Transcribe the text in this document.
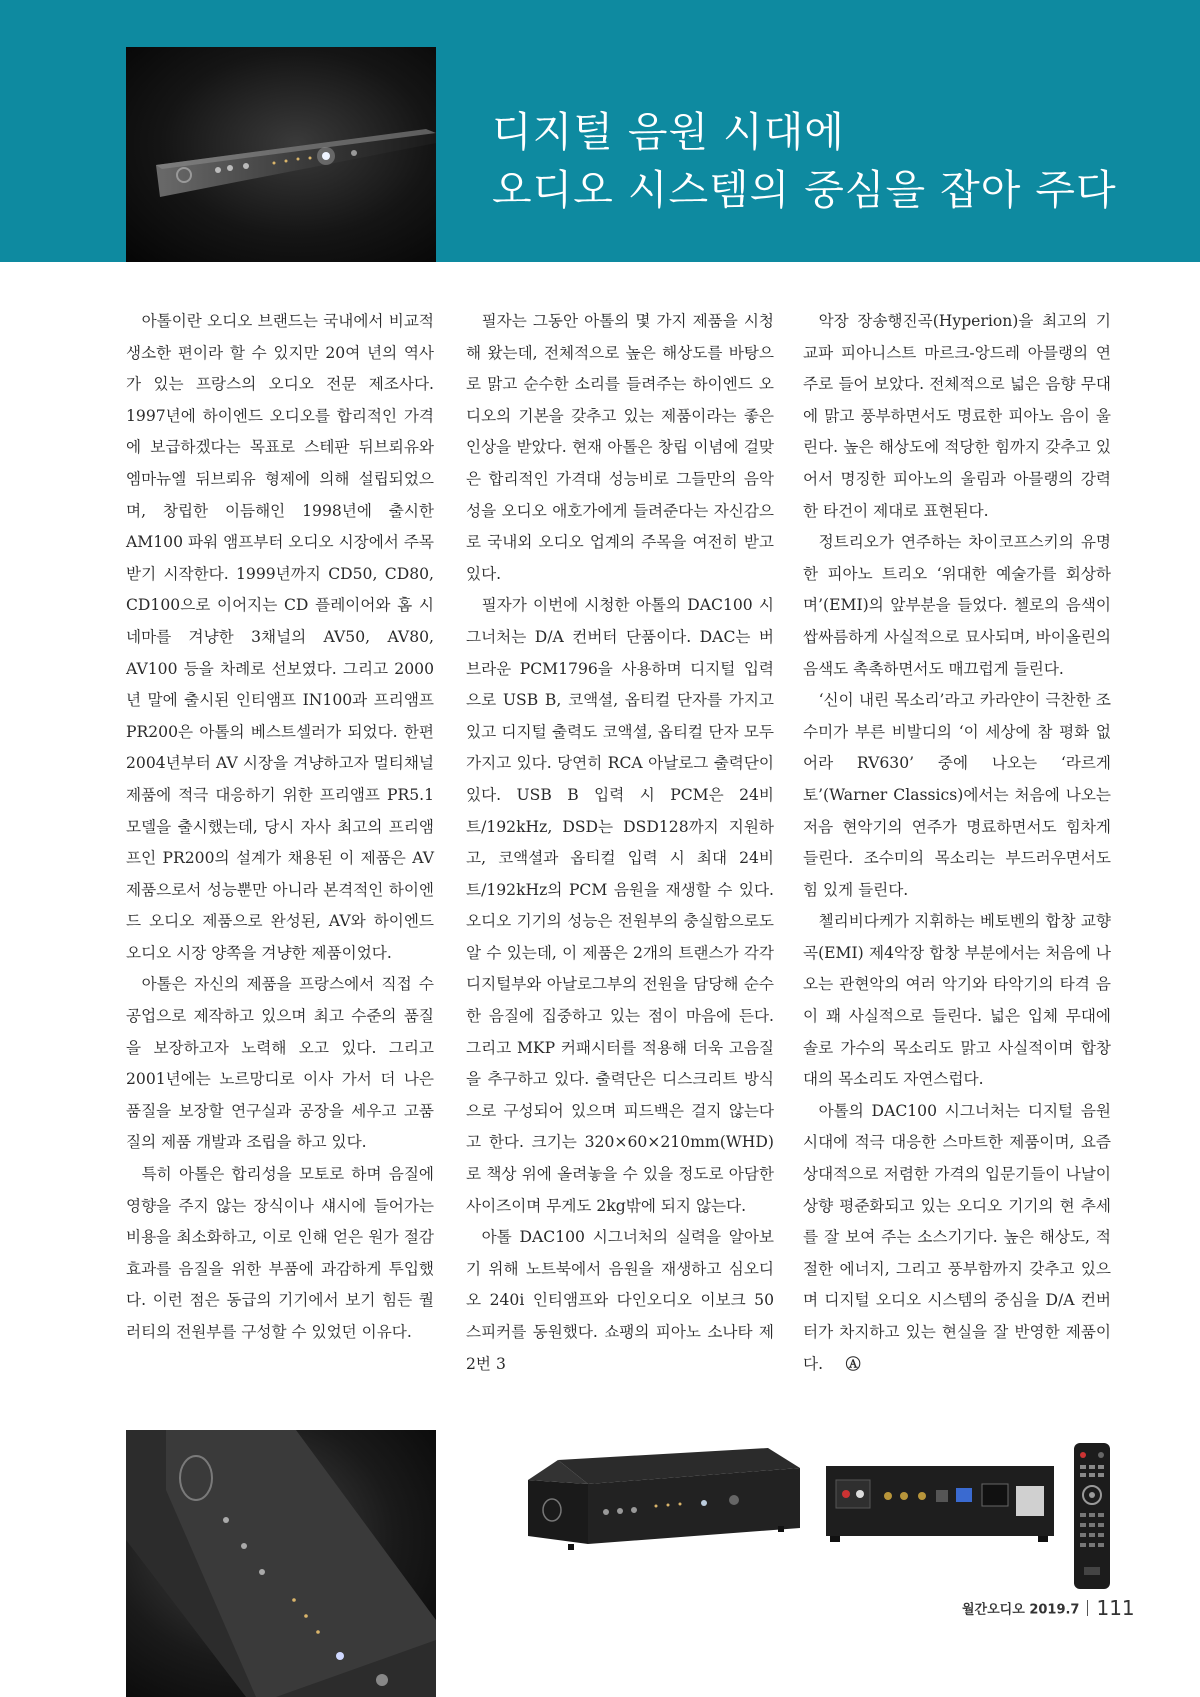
디지털 음원 시대에
오디오 시스템의 중심을 잡아 주다

아톨이란 오디오 브랜드는 국내에서 비교적 생소한 편이라 할 수 있지만 20여 년의 역사가 있는 프랑스의 오디오 전문 제조사다. 1997년에 하이엔드 오디오를 합리적인 가격에 보급하겠다는 목표로 스테판 뒤브뢰유와 엠마뉴엘 뒤브뢰유 형제에 의해 설립되었으며, 창립한 이듬해인 1998년에 출시한 AM100 파워 앰프부터 오디오 시장에서 주목받기 시작한다. 1999년까지 CD50, CD80, CD100으로 이어지는 CD 플레이어와 홈 시네마를 겨냥한 3채널의 AV50, AV80, AV100 등을 차례로 선보였다. 그리고 2000년 말에 출시된 인티앰프 IN100과 프리앰프 PR200은 아톨의 베스트셀러가 되었다. 한편 2004년부터 AV 시장을 겨냥하고자 멀티채널 제품에 적극 대응하기 위한 프리앰프 PR5.1 모델을 출시했는데, 당시 자사 최고의 프리앰프인 PR200의 설계가 채용된 이 제품은 AV 제품으로서 성능뿐만 아니라 본격적인 하이엔드 오디오 제품으로 완성된, AV와 하이엔드 오디오 시장 양쪽을 겨냥한 제품이었다.

아톨은 자신의 제품을 프랑스에서 직접 수공업으로 제작하고 있으며 최고 수준의 품질을 보장하고자 노력해 오고 있다. 그리고 2001년에는 노르망디로 이사 가서 더 나은 품질을 보장할 연구실과 공장을 세우고 고품질의 제품 개발과 조립을 하고 있다.

특히 아톨은 합리성을 모토로 하며 음질에 영향을 주지 않는 장식이나 섀시에 들어가는 비용을 최소화하고, 이로 인해 얻은 원가 절감 효과를 음질을 위한 부품에 과감하게 투입했다. 이런 점은 동급의 기기에서 보기 힘든 퀄러티의 전원부를 구성할 수 있었던 이유다.

필자는 그동안 아톨의 몇 가지 제품을 시청해 왔는데, 전체적으로 높은 해상도를 바탕으로 맑고 순수한 소리를 들려주는 하이엔드 오디오의 기본을 갖추고 있는 제품이라는 좋은 인상을 받았다. 현재 아톨은 창립 이념에 걸맞은 합리적인 가격대 성능비로 그들만의 음악성을 오디오 애호가에게 들려준다는 자신감으로 국내외 오디오 업계의 주목을 여전히 받고 있다.

필자가 이번에 시청한 아톨의 DAC100 시그너처는 D/A 컨버터 단품이다. DAC는 버 브라운 PCM1796을 사용하며 디지털 입력으로 USB B, 코액셜, 옵티컬 단자를 가지고 있고 디지털 출력도 코액셜, 옵티컬 단자 모두 가지고 있다. 당연히 RCA 아날로그 출력단이 있다. USB B 입력 시 PCM은 24비트/192kHz, DSD는 DSD128까지 지원하고, 코액셜과 옵티컬 입력 시 최대 24비트/192kHz의 PCM 음원을 재생할 수 있다. 오디오 기기의 성능은 전원부의 충실함으로도 알 수 있는데, 이 제품은 2개의 트랜스가 각각 디지털부와 아날로그부의 전원을 담당해 순수한 음질에 집중하고 있는 점이 마음에 든다. 그리고 MKP 커패시터를 적용해 더욱 고음질을 추구하고 있다. 출력단은 디스크리트 방식으로 구성되어 있으며 피드백은 걸지 않는다고 한다. 크기는 320×60×210mm(WHD)로 책상 위에 올려놓을 수 있을 정도로 아담한 사이즈이며 무게도 2kg밖에 되지 않는다.

아톨 DAC100 시그너처의 실력을 알아보기 위해 노트북에서 음원을 재생하고 심오디오 240i 인티앰프와 다인오디오 이보크 50 스피커를 동원했다. 쇼팽의 피아노 소나타 제2번 3

악장 장송행진곡(Hyperion)을 최고의 기교파 피아니스트 마르크-앙드레 아믈랭의 연주로 들어 보았다. 전체적으로 넓은 음향 무대에 맑고 풍부하면서도 명료한 피아노 음이 울린다. 높은 해상도에 적당한 힘까지 갖추고 있어서 명징한 피아노의 울림과 아믈랭의 강력한 타건이 제대로 표현된다.

정트리오가 연주하는 차이코프스키의 유명한 피아노 트리오 ‘위대한 예술가를 회상하며’(EMI)의 앞부분을 들었다. 첼로의 음색이 쌉싸름하게 사실적으로 묘사되며, 바이올린의 음색도 촉촉하면서도 매끄럽게 들린다.

‘신이 내린 목소리’라고 카라얀이 극찬한 조수미가 부른 비발디의 ‘이 세상에 참 평화 없어라 RV630’ 중에 나오는 ‘라르게토’(Warner Classics)에서는 처음에 나오는 저음 현악기의 연주가 명료하면서도 힘차게 들린다. 조수미의 목소리는 부드러우면서도 힘 있게 들린다.

첼리비다케가 지휘하는 베토벤의 합창 교향곡(EMI) 제4악장 합창 부분에서는 처음에 나오는 관현악의 여러 악기와 타악기의 타격 음이 꽤 사실적으로 들린다. 넓은 입체 무대에 솔로 가수의 목소리도 맑고 사실적이며 합창대의 목소리도 자연스럽다.

아톨의 DAC100 시그너처는 디지털 음원 시대에 적극 대응한 스마트한 제품이며, 요즘 상대적으로 저렴한 가격의 입문기들이 나날이 상향 평준화되고 있는 오디오 기기의 현 추세를 잘 보여 주는 소스기기다. 높은 해상도, 적절한 에너지, 그리고 풍부함까지 갖추고 있으며 디지털 오디오 시스템의 중심을 D/A 컨버터가 차지하고 있는 현실을 잘 반영한 제품이다. Ⓐ

월간오디오 2019.7 111
